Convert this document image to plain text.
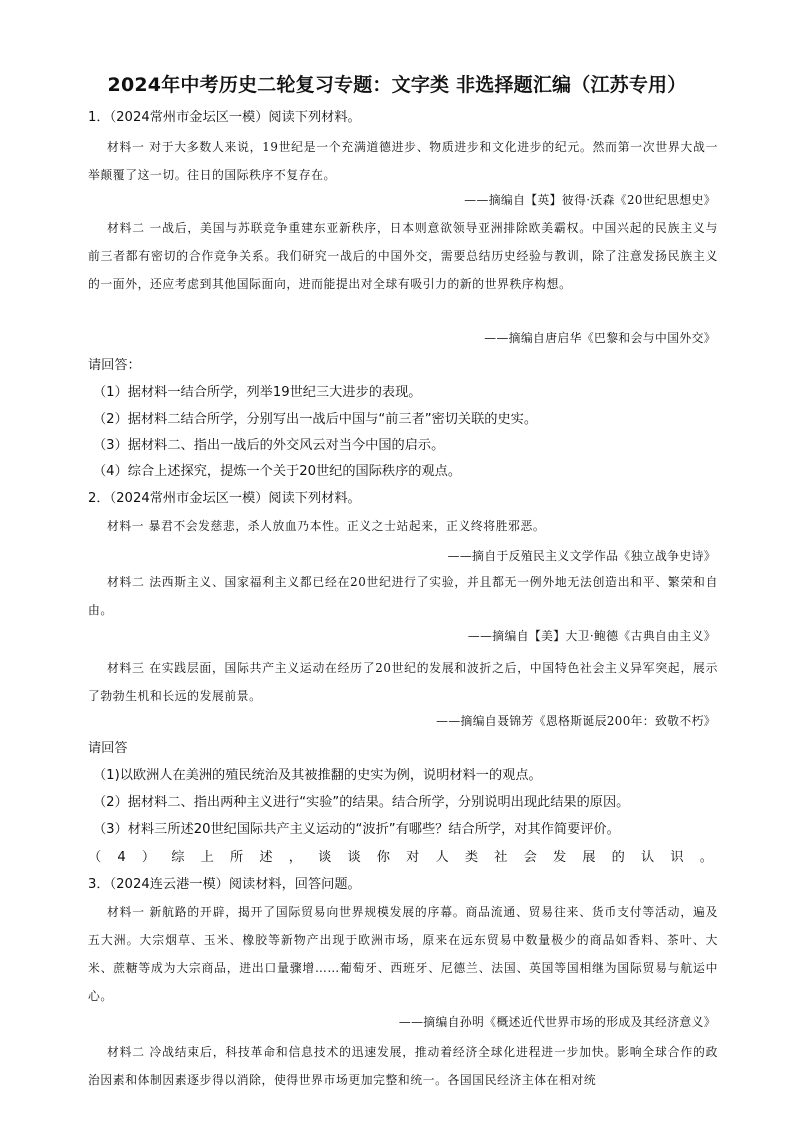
2024年中考历史二轮复习专题：文字类 非选择题汇编（江苏专用）
1．（2024常州市金坛区一模）阅读下列材料。

材料一 对于大多数人来说，19世纪是一个充满道德进步、物质进步和文化进步的纪元。然而第一次世界大战一举颠覆了这一切。往日的国际秩序不复存在。

——摘编自【英】彼得·沃森《20世纪思想史》

材料二 一战后，美国与苏联竞争重建东亚新秩序，日本则意欲领导亚洲排除欧美霸权。中国兴起的民族主义与前三者都有密切的合作竞争关系。我们研究一战后的中国外交，需要总结历史经验与教训，除了注意发扬民族主义的一面外，还应考虑到其他国际面向，进而能提出对全球有吸引力的新的世界秩序构想。

——摘编自唐启华《巴黎和会与中国外交》
请回答：
（1）据材料一结合所学，列举19世纪三大进步的表现。
（2）据材料二结合所学，分别写出一战后中国与“前三者”密切关联的史实。
（3）据材料二、指出一战后的外交风云对当今中国的启示。
（4）综合上述探究，提炼一个关于20世纪的国际秩序的观点。
2．（2024常州市金坛区一模）阅读下列材料。

材料一 暴君不会发慈悲，杀人放血乃本性。正义之士站起来，正义终将胜邪恶。

——摘自于反殖民主义文学作品《独立战争史诗》

材料二 法西斯主义、国家福利主义都已经在20世纪进行了实验，并且都无一例外地无法创造出和平、繁荣和自由。

——摘编自【美】大卫·鲍德《古典自由主义》

材料三 在实践层面，国际共产主义运动在经历了20世纪的发展和波折之后，中国特色社会主义异军突起，展示了勃勃生机和长远的发展前景。

——摘编自聂锦芳《恩格斯诞辰200年：致敬不朽》
请回答
（1)以欧洲人在美洲的殖民统治及其被推翻的史实为例，说明材料一的观点。
（2）据材料二、指出两种主义进行“实验”的结果。结合所学，分别说明出现此结果的原因。
（3）材料三所述20世纪国际共产主义运动的“波折”有哪些？结合所学，对其作简要评价。
（ 4 ） 综 上 所 述 ， 谈 谈 你 对 人 类 社 会 发 展 的 认 识 。
3．（2024连云港一模）阅读材料，回答问题。

材料一 新航路的开辟，揭开了国际贸易向世界规模发展的序幕。商品流通、贸易往来、货币支付等活动，遍及五大洲。大宗烟草、玉米、橡胶等新物产出现于欧洲市场，原来在远东贸易中数量极少的商品如香料、茶叶、大米、蔗糖等成为大宗商品，进出口量骤增……葡萄牙、西班牙、尼德兰、法国、英国等国相继为国际贸易与航运中心。

——摘编自孙明《概述近代世界市场的形成及其经济意义》

材料二 冷战结束后，科技革命和信息技术的迅速发展，推动着经济全球化进程进一步加快。影响全球合作的政治因素和体制因素逐步得以消除，使得世界市场更加完整和统一。各国国民经济主体在相对统
